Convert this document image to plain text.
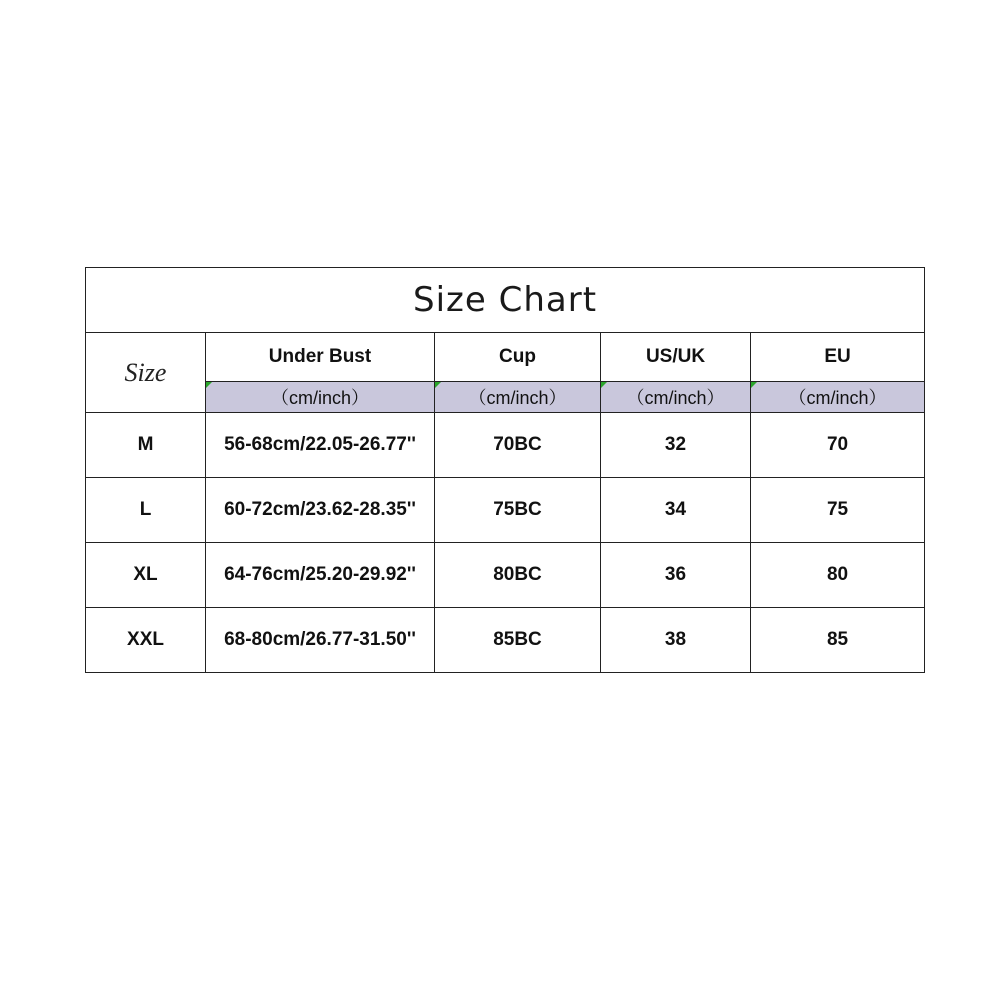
Size Chart				
Size	Under Bust	Cup	US/UK	EU

（cm/inch）	（cm/inch）	（cm/inch）	（cm/inch）
M	56-68cm/22.05-26.77''	70BC	32	70
L	60-72cm/23.62-28.35''	75BC	34	75
XL	64-76cm/25.20-29.92''	80BC	36	80
XXL	68-80cm/26.77-31.50''	85BC	38	85
